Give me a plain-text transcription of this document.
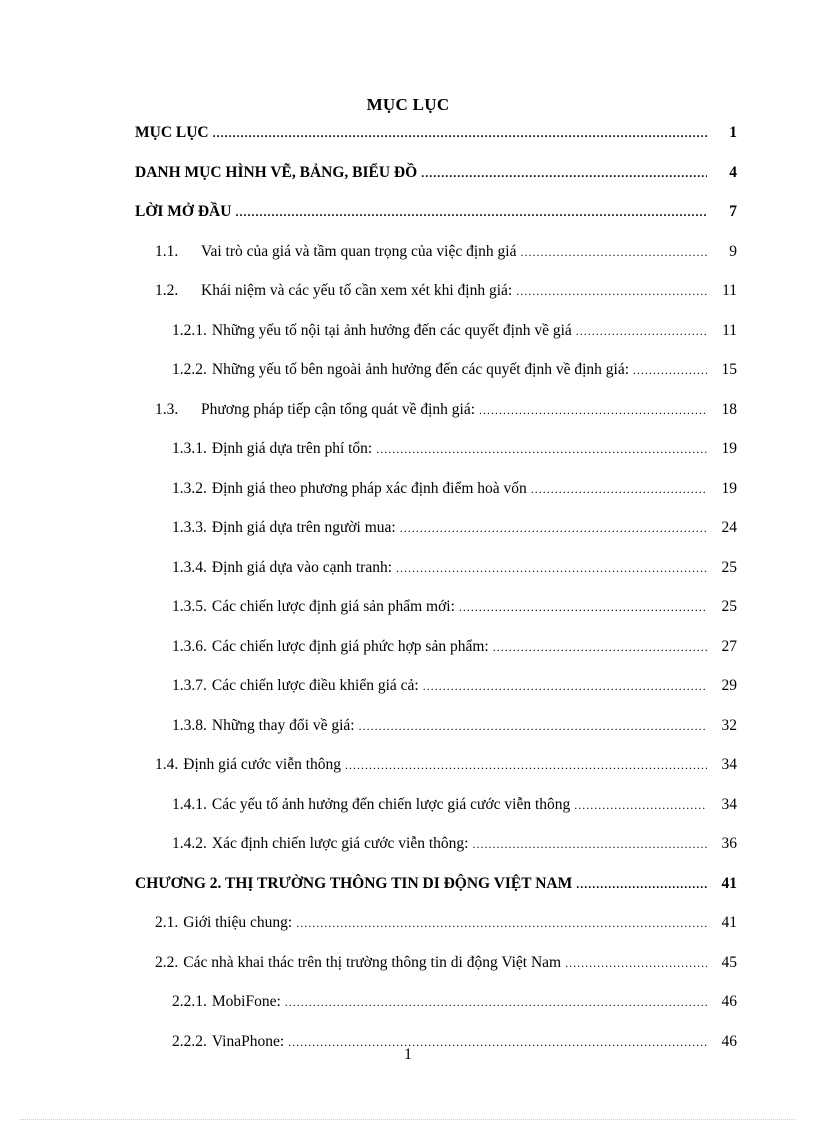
MỤC LỤC
MỤC LỤC .....	1
DANH MỤC HÌNH VẼ, BẢNG, BIỂU ĐỒ .....	4
LỜI MỞ ĐẦU .....	7
1.1.	Vai trò của giá và tầm quan trọng của việc định giá .....	9
1.2.	Khái niệm và các yếu tố cần xem xét khi định giá: .....	11
1.2.1. Những yếu tố nội tại ảnh hưởng đến các quyết định về giá .....	11
1.2.2. Những yếu tố bên ngoài ảnh hưởng đến các quyết định về định giá: .....	15
1.3.	Phương pháp tiếp cận tổng quát về định giá: .....	18
1.3.1. Định giá dựa trên phí tổn: .....	19
1.3.2. Định giá theo phương pháp xác định điểm hoà vốn .....	19
1.3.3. Định giá dựa trên người mua: .....	24
1.3.4. Định giá dựa vào cạnh tranh: .....	25
1.3.5. Các chiến lược định giá sản phẩm mới: .....	25
1.3.6. Các chiến lược định giá phức hợp sản phẩm: .....	27
1.3.7. Các chiến lược điều khiển giá cả: .....	29
1.3.8. Những thay đổi về giá: .....	32
1.4. Định giá cước viễn thông .....	34
1.4.1. Các yếu tố ảnh hưởng đến chiến lược giá cước viễn thông .....	34
1.4.2. Xác định chiến lược giá cước viễn thông: .....	36
CHƯƠNG 2. THỊ TRƯỜNG THÔNG TIN DI ĐỘNG VIỆT NAM .....	41
2.1. Giới thiệu chung: .....	41
2.2. Các nhà khai thác trên thị trường thông tin di động Việt Nam .....	45
2.2.1. MobiFone: .....	46
2.2.2. VinaPhone: .....	46
1
